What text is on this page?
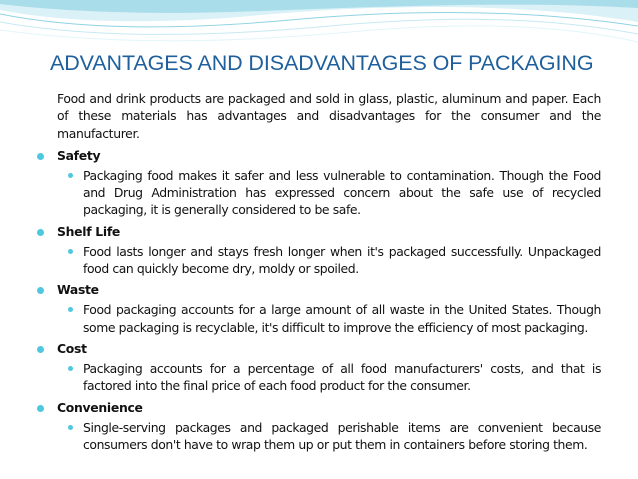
ADVANTAGES AND DISADVANTAGES OF PACKAGING

Food and drink products are packaged and sold in glass, plastic, aluminum and paper. Each of these materials has advantages and disadvantages for the consumer and the manufacturer.

Safety

Packaging food makes it safer and less vulnerable to contamination. Though the Food and Drug Administration has expressed concern about the safe use of recycled packaging, it is generally considered to be safe.

Shelf Life

Food lasts longer and stays fresh longer when it's packaged successfully. Unpackaged food can quickly become dry, moldy or spoiled.

Waste

Food packaging accounts for a large amount of all waste in the United States. Though some packaging is recyclable, it's difficult to improve the efficiency of most packaging.

Cost

Packaging accounts for a percentage of all food manufacturers' costs, and that is factored into the final price of each food product for the consumer.

Convenience

Single-serving packages and packaged perishable items are convenient because consumers don't have to wrap them up or put them in containers before storing them.
